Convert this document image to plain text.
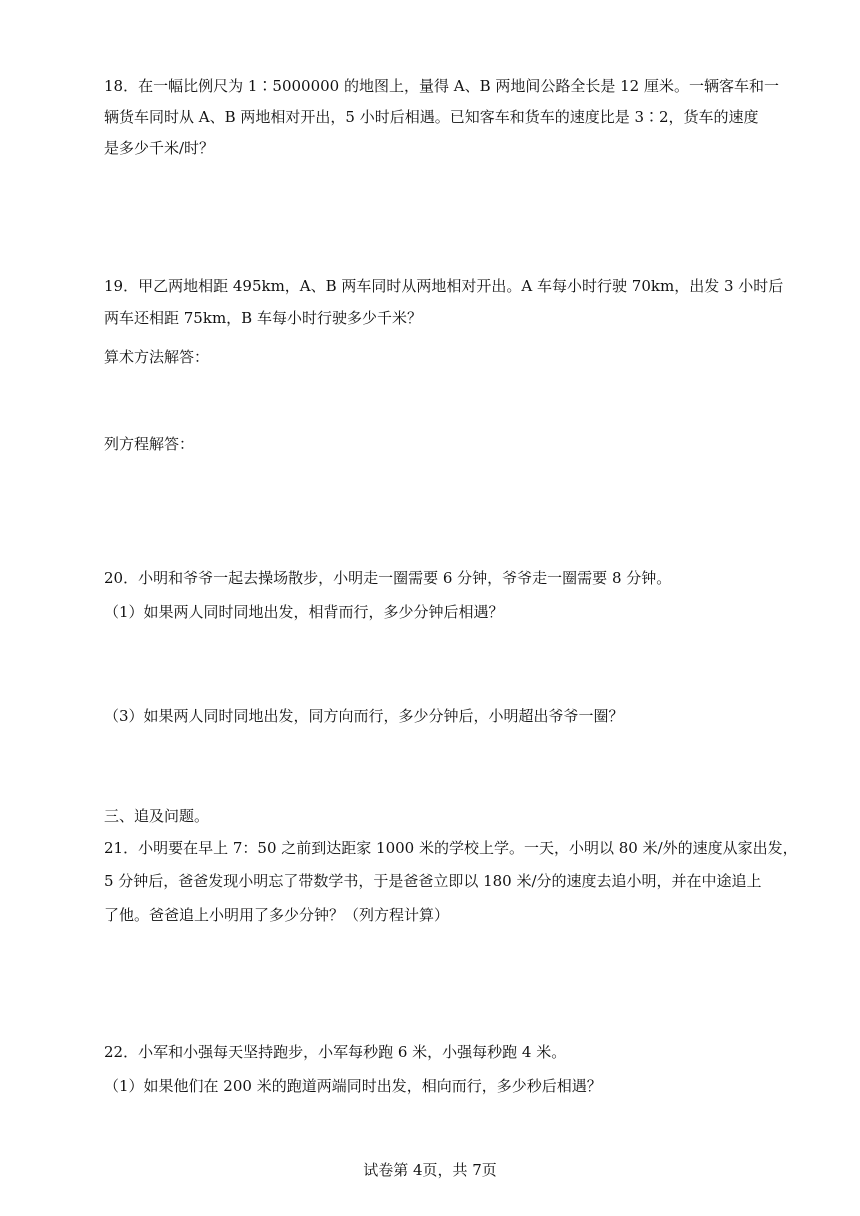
18．在一幅比例尺为 1∶5000000 的地图上，量得 A、B 两地间公路全长是 12 厘米。一辆客车和一
辆货车同时从 A、B 两地相对开出，5 小时后相遇。已知客车和货车的速度比是 3∶2，货车的速度
是多少千米/时？
19．甲乙两地相距 495km，A、B 两车同时从两地相对开出。A 车每小时行驶 70km，出发 3 小时后
两车还相距 75km，B 车每小时行驶多少千米？
算术方法解答：
列方程解答：
20．小明和爷爷一起去操场散步，小明走一圈需要 6 分钟，爷爷走一圈需要 8 分钟。
（1）如果两人同时同地出发，相背而行，多少分钟后相遇？
（3）如果两人同时同地出发，同方向而行，多少分钟后，小明超出爷爷一圈？
三、追及问题。
21．小明要在早上 7：50 之前到达距家 1000 米的学校上学。一天，小明以 80 米/外的速度从家出发，
5 分钟后，爸爸发现小明忘了带数学书，于是爸爸立即以 180 米/分的速度去追小明，并在中途追上
了他。爸爸追上小明用了多少分钟？（列方程计算）
22．小军和小强每天坚持跑步，小军每秒跑 6 米，小强每秒跑 4 米。
（1）如果他们在 200 米的跑道两端同时出发，相向而行，多少秒后相遇？
试卷第 4页，共 7页
